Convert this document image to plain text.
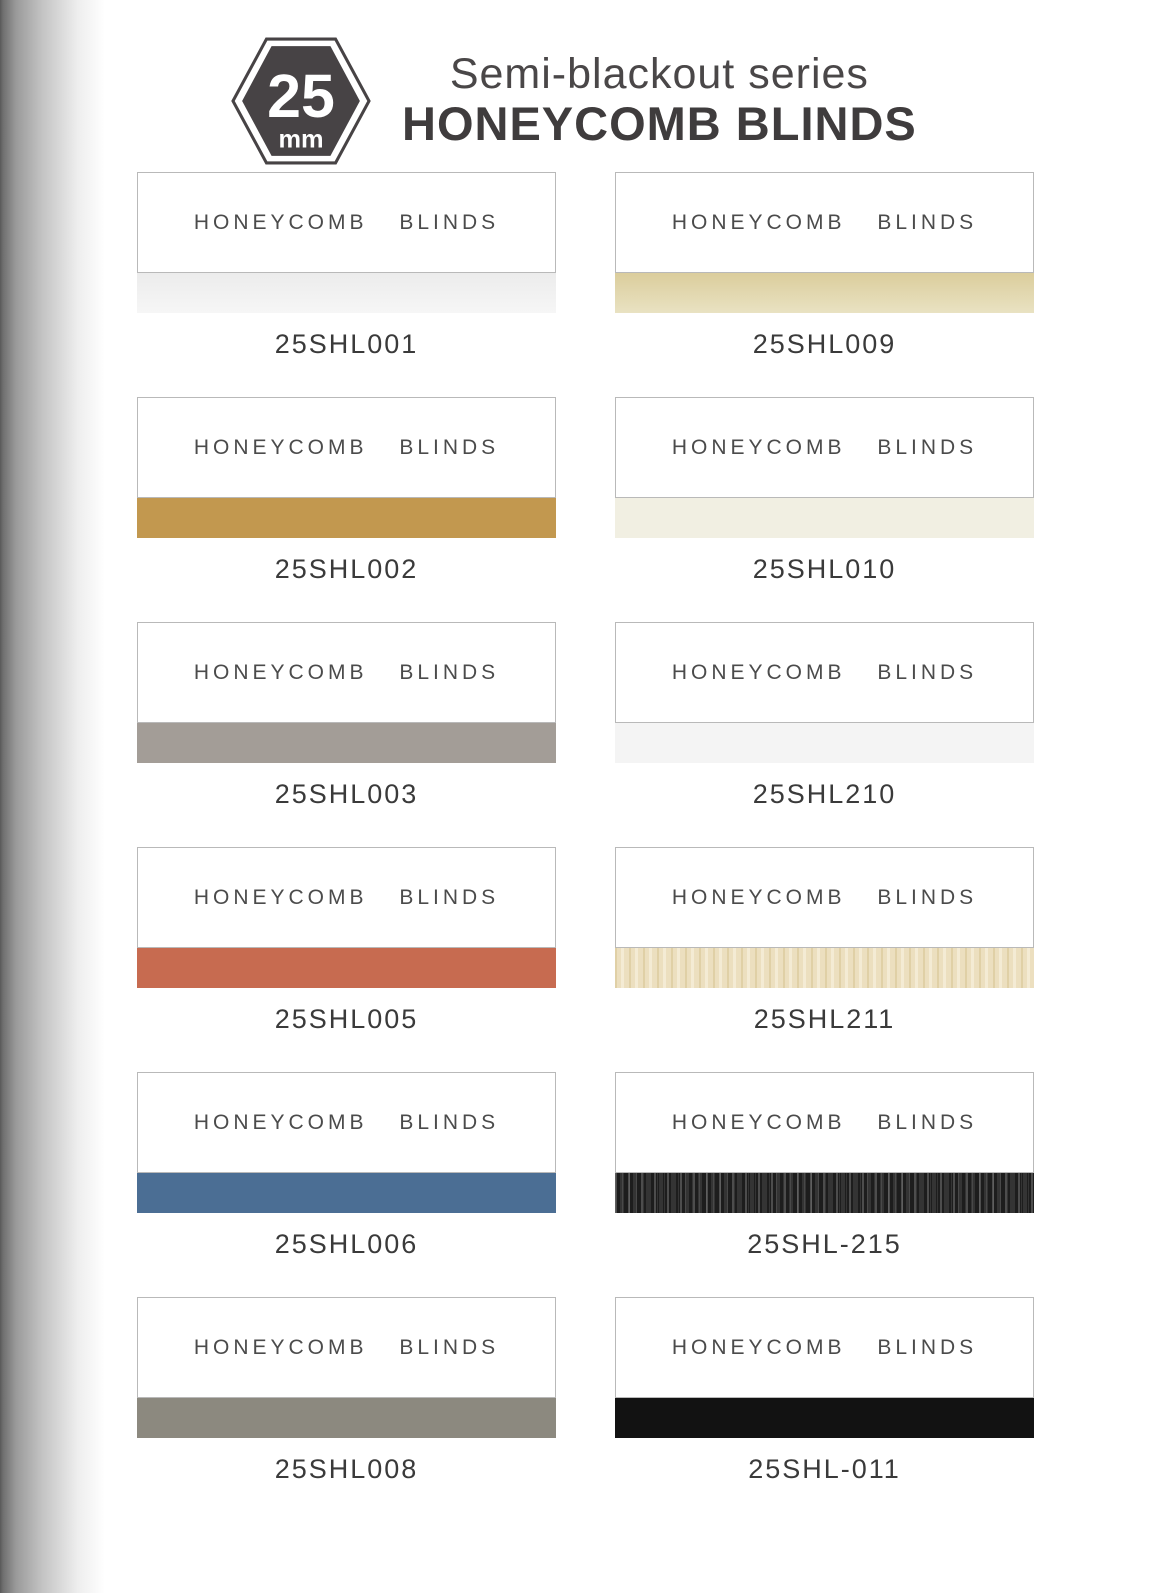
25
mm
Semi-blackout series
HONEYCOMB BLINDS
HONEYCOMB BLINDS
25SHL001
HONEYCOMB BLINDS
25SHL009
HONEYCOMB BLINDS
25SHL002
HONEYCOMB BLINDS
25SHL010
HONEYCOMB BLINDS
25SHL003
HONEYCOMB BLINDS
25SHL210
HONEYCOMB BLINDS
25SHL005
HONEYCOMB BLINDS
25SHL211
HONEYCOMB BLINDS
25SHL006
HONEYCOMB BLINDS
25SHL-215
HONEYCOMB BLINDS
25SHL008
HONEYCOMB BLINDS
25SHL-011
